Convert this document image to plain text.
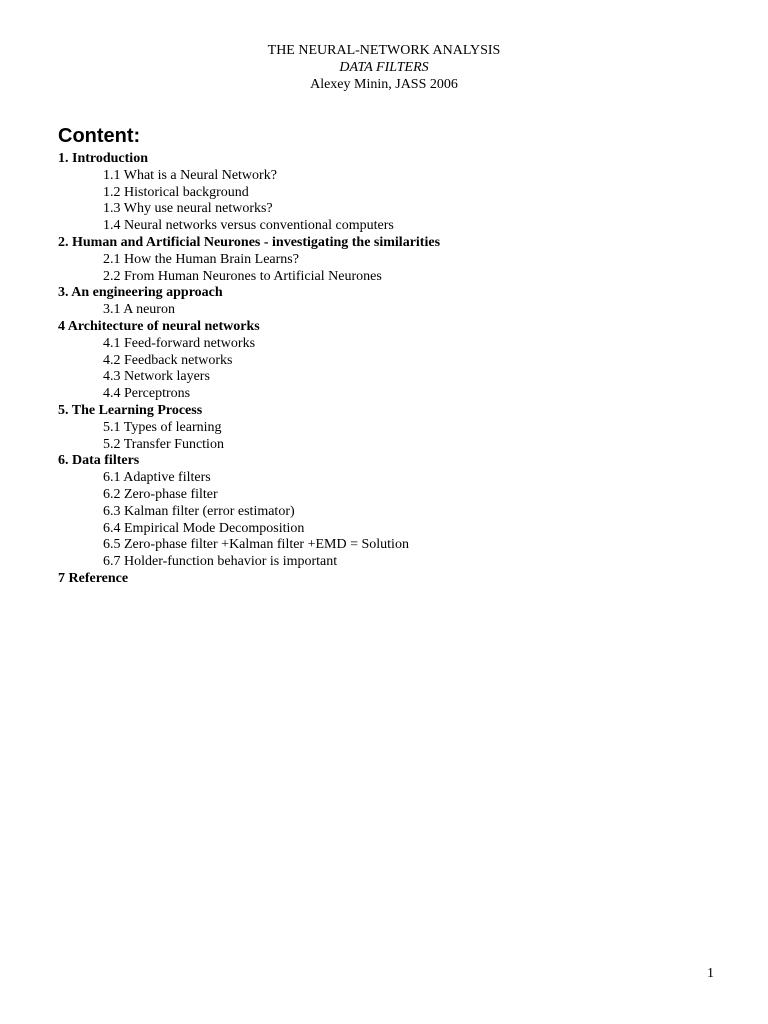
THE NEURAL-NETWORK ANALYSIS
DATA FILTERS
Alexey Minin, JASS 2006
Content:
1. Introduction
1.1 What is a Neural Network?
1.2 Historical background
1.3 Why use neural networks?
1.4 Neural networks versus conventional computers
2. Human and Artificial Neurones - investigating the similarities
2.1 How the Human Brain Learns?
2.2 From Human Neurones to Artificial Neurones
3. An engineering approach
3.1 A neuron
4 Architecture of neural networks
4.1 Feed-forward networks
4.2 Feedback networks
4.3 Network layers
4.4 Perceptrons
5. The Learning Process
5.1 Types of learning
5.2 Transfer Function
6. Data filters
6.1 Adaptive filters
6.2 Zero-phase filter
6.3 Kalman filter (error estimator)
6.4 Empirical Mode Decomposition
6.5 Zero-phase filter +Kalman filter +EMD = Solution
6.7 Holder-function behavior is important
7 Reference
1
